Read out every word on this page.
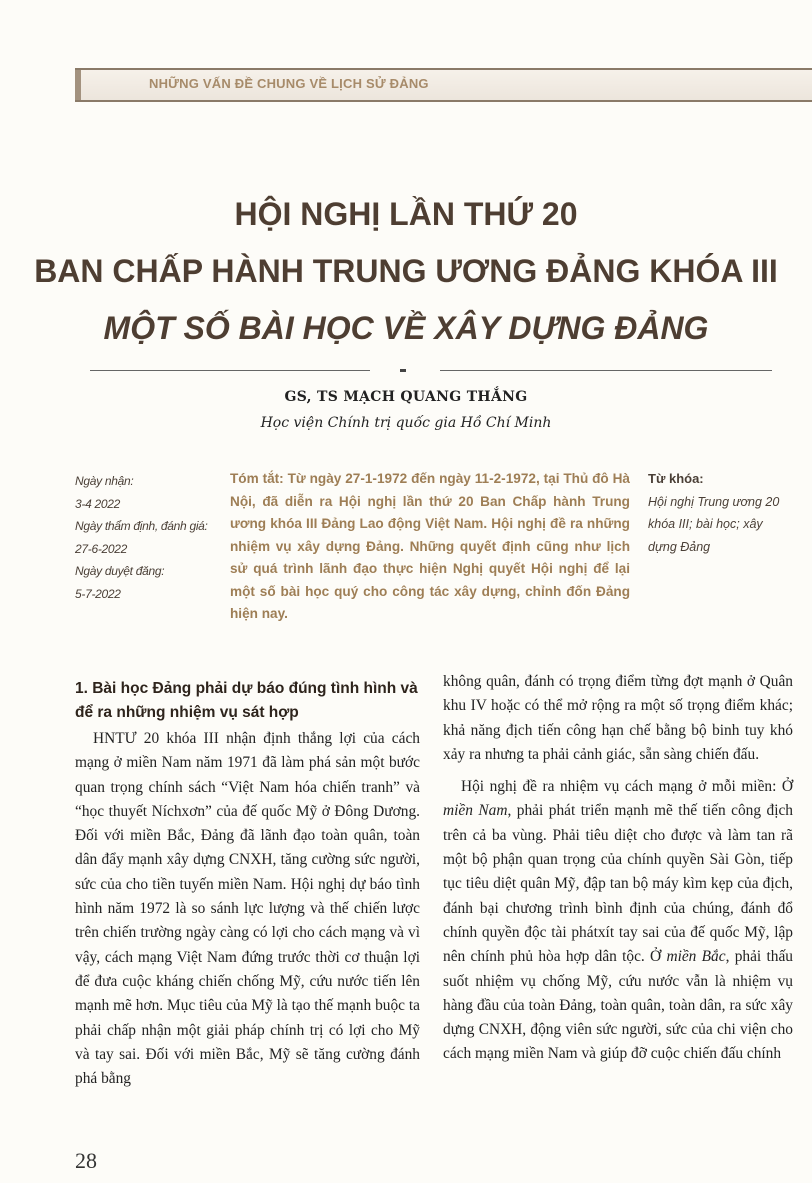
NHỮNG VẤN ĐỀ CHUNG VỀ LỊCH SỬ ĐẢNG
HỘI NGHỊ LẦN THỨ 20
BAN CHẤP HÀNH TRUNG ƯƠNG ĐẢNG KHÓA III
MỘT SỐ BÀI HỌC VỀ XÂY DỰNG ĐẢNG
GS, TS MẠCH QUANG THẮNG
Học viện Chính trị quốc gia Hồ Chí Minh
Ngày nhận:
3-4 2022
Ngày thẩm định, đánh giá:
27-6-2022
Ngày duyệt đăng:
5-7-2022
Tóm tắt: Từ ngày 27-1-1972 đến ngày 11-2-1972, tại Thủ đô Hà Nội, đã diễn ra Hội nghị lần thứ 20 Ban Chấp hành Trung ương khóa III Đảng Lao động Việt Nam. Hội nghị đề ra những nhiệm vụ xây dựng Đảng. Những quyết định cũng như lịch sử quá trình lãnh đạo thực hiện Nghị quyết Hội nghị để lại một số bài học quý cho công tác xây dựng, chỉnh đốn Đảng hiện nay.
Từ khóa:
Hội nghị Trung ương 20 khóa III; bài học; xây dựng Đảng
1. Bài học Đảng phải dự báo đúng tình hình và để ra những nhiệm vụ sát hợp

HNTƯ 20 khóa III nhận định thắng lợi của cách mạng ở miền Nam năm 1971 đã làm phá sản một bước quan trọng chính sách “Việt Nam hóa chiến tranh” và “học thuyết Níchxơn” của đế quốc Mỹ ở Đông Dương. Đối với miền Bắc, Đảng đã lãnh đạo toàn quân, toàn dân đẩy mạnh xây dựng CNXH, tăng cường sức người, sức của cho tiền tuyến miền Nam. Hội nghị dự báo tình hình năm 1972 là so sánh lực lượng và thế chiến lược trên chiến trường ngày càng có lợi cho cách mạng và vì vậy, cách mạng Việt Nam đứng trước thời cơ thuận lợi để đưa cuộc kháng chiến chống Mỹ, cứu nước tiến lên mạnh mẽ hơn. Mục tiêu của Mỹ là tạo thế mạnh buộc ta phải chấp nhận một giải pháp chính trị có lợi cho Mỹ và tay sai. Đối với miền Bắc, Mỹ sẽ tăng cường đánh phá bằng

không quân, đánh có trọng điểm từng đợt mạnh ở Quân khu IV hoặc có thể mở rộng ra một số trọng điểm khác; khả năng địch tiến công hạn chế bằng bộ binh tuy khó xảy ra nhưng ta phải cảnh giác, sẵn sàng chiến đấu.

Hội nghị đề ra nhiệm vụ cách mạng ở mỗi miền: Ở miền Nam, phải phát triển mạnh mẽ thế tiến công địch trên cả ba vùng. Phải tiêu diệt cho được và làm tan rã một bộ phận quan trọng của chính quyền Sài Gòn, tiếp tục tiêu diệt quân Mỹ, đập tan bộ máy kìm kẹp của địch, đánh bại chương trình bình định của chúng, đánh đổ chính quyền độc tài phátxít tay sai của đế quốc Mỹ, lập nên chính phủ hòa hợp dân tộc. Ở miền Bắc, phải thấu suốt nhiệm vụ chống Mỹ, cứu nước vẫn là nhiệm vụ hàng đầu của toàn Đảng, toàn quân, toàn dân, ra sức xây dựng CNXH, động viên sức người, sức của chi viện cho cách mạng miền Nam và giúp đỡ cuộc chiến đấu chính

28
